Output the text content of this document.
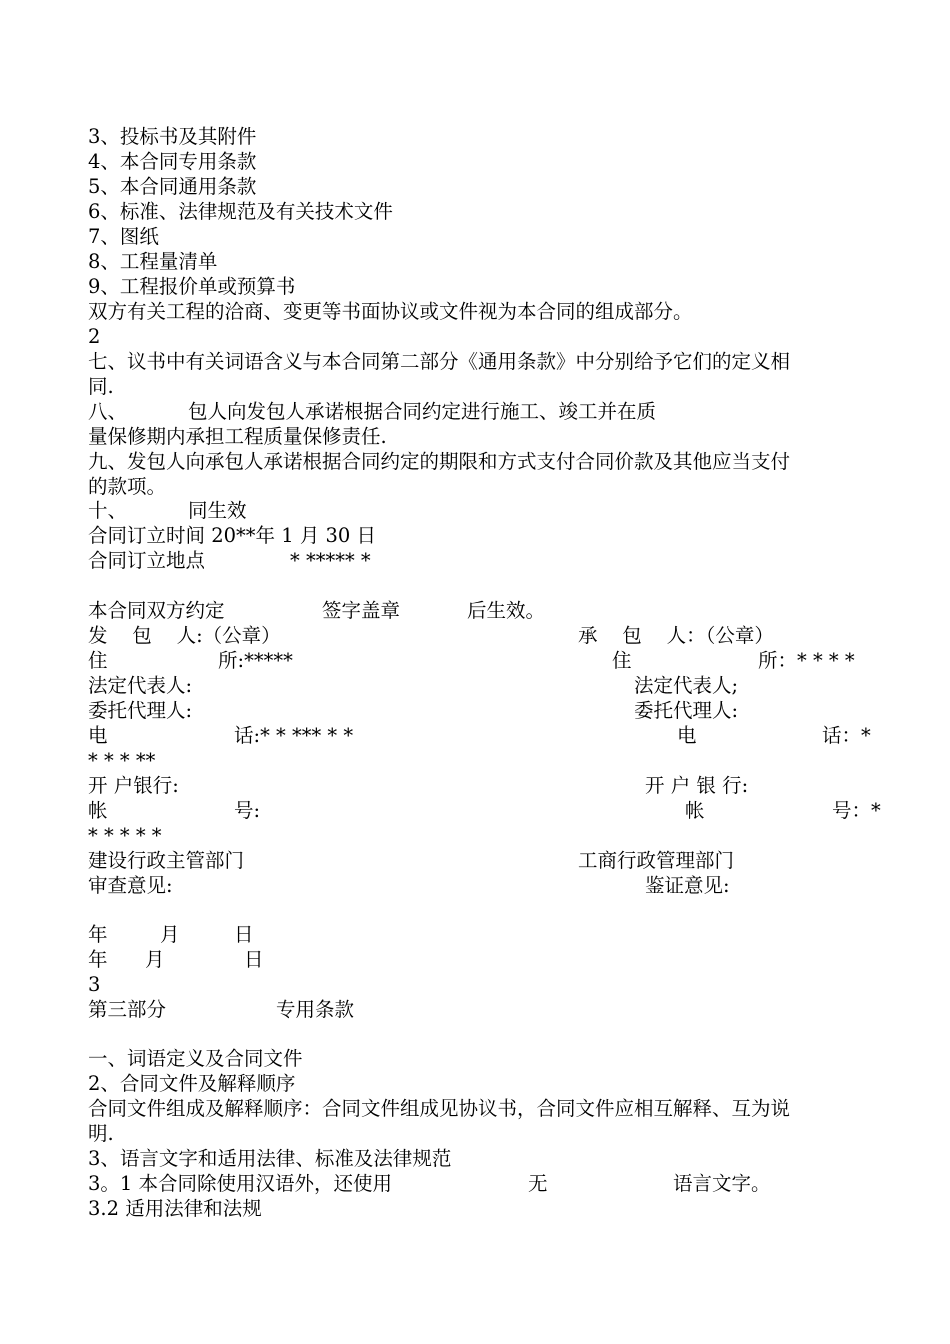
3、投标书及其附件
4、本合同专用条款
5、本合同通用条款
6、标准、法律规范及有关技术文件
7、图纸
8、工程量清单
9、工程报价单或预算书
双方有关工程的洽商、变更等书面协议或文件视为本合同的组成部分。
2
七、议书中有关词语含义与本合同第二部分《通用条款》中分别给予它们的定义相
同.
八、	包人向发包人承诺根据合同约定进行施工、竣工并在质
量保修期内承担工程质量保修责任.
九、发包人向承包人承诺根据合同约定的期限和方式支付合同价款及其他应当支付
的款项。
十、	同生效
合同订立时间 20**年 1 月 30 日
合同订立地点	* ***** *
本合同双方约定	签字盖章	后生效。
发    包    人:（公章）	承    包    人：（公章）
住	所:*****	住	所：* * * *
法定代表人:	法定代表人;
委托代理人:	委托代理人:
电	话:* * *** * *	电	话：*
* * * **
开 户银行:	开 户 银 行:
帐	号:	帐	号：*
* * * * *
建设行政主管部门	工商行政管理部门
审查意见:	鉴证意见:
年	月	日
年 月	日
3
第三部分	专用条款
一、词语定义及合同文件
2、合同文件及解释顺序
合同文件组成及解释顺序：合同文件组成见协议书，合同文件应相互解释、互为说
明.
3、语言文字和适用法律、标准及法律规范
3。1 本合同除使用汉语外，还使用	无	语言文字。
3.2 适用法律和法规
